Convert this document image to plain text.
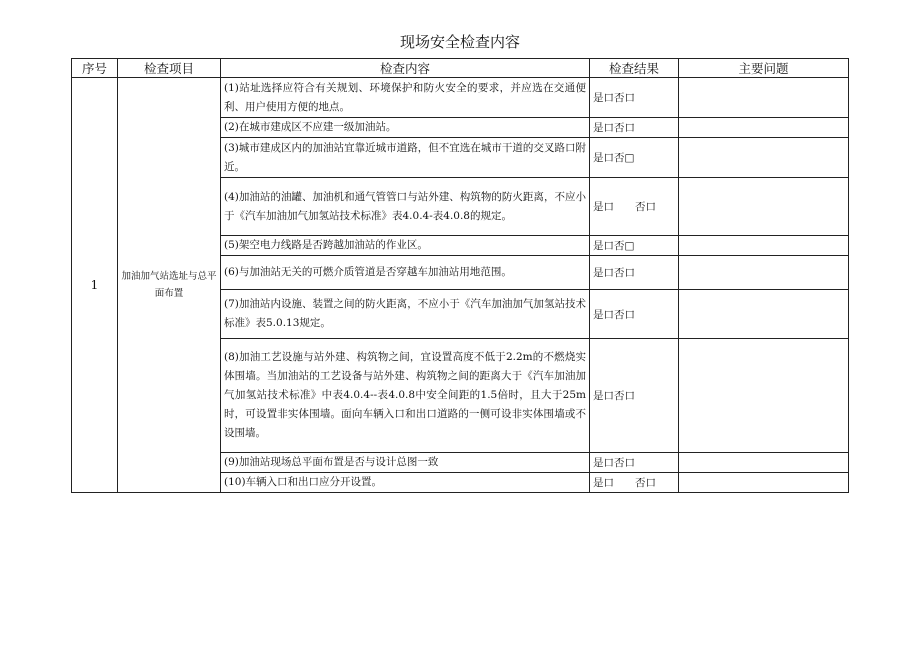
现场安全检查内容
序号	检查项目	检查内容	检查结果	主要问题
1	加油加气站选址与总平面布置	(1)站址选择应符合有关规划、环境保护和防火安全的要求，并应选在交通便利、用户使用方便的地点。	是口否口	
		(2)在城市建成区不应建一级加油站。	是口否口	
		(3)城市建成区内的加油站宜靠近城市道路，但不宜选在城市干道的交叉路口附近。	是口否□	
		(4)加油站的油罐、加油机和通气管管口与站外建、构筑物的防火距离，不应小于《汽车加油加气加氢站技术标准》表4.0.4-表4.0.8的规定。	是口　　否口	
		(5)架空电力线路是否跨越加油站的作业区。	是口否□	
		(6)与加油站无关的可燃介质管道是否穿越车加油站用地范围。	是口否口	
		(7)加油站内设施、装置之间的防火距离，不应小于《汽车加油加气加氢站技术标准》表5.0.13规定。	是口否口	
		(8)加油工艺设施与站外建、构筑物之间，宜设置高度不低于2.2m的不燃烧实体围墙。当加油站的工艺设备与站外建、构筑物之间的距离大于《汽车加油加气加氢站技术标准》中表4.0.4--表4.0.8中安全间距的1.5倍时，且大于25m时，可设置非实体围墙。面向车辆入口和出口道路的一侧可设非实体围墙或不设围墙。	是口否口	
		(9)加油站现场总平面布置是否与设计总图一致	是口否口	
		(10)车辆入口和出口应分开设置。	是口　　否口	
